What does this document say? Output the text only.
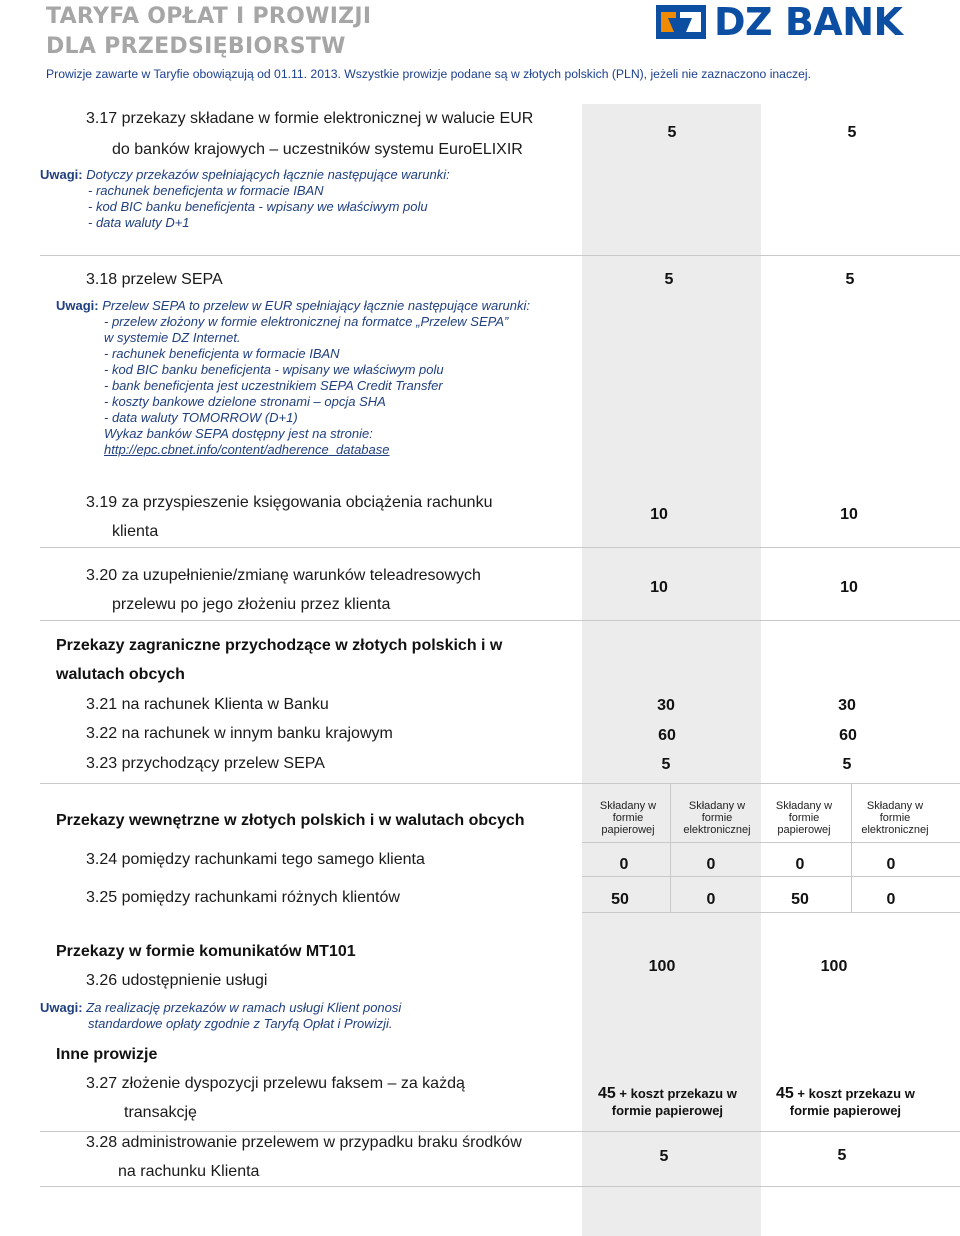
TARYFA OPŁAT I PROWIZJI
DLA PRZEDSIĘBIORSTW
Prowizje zawarte w Taryfie obowiązują od 01.11. 2013. Wszystkie prowizje podane są w złotych polskich (PLN), jeżeli nie zaznaczono inaczej.
DZ BANK
3.17 przekazy składane w formie elektronicznej w walucie EUR
do banków krajowych – uczestników systemu EuroELIXIR
5	5
Uwagi: Dotyczy przekazów spełniających łącznie następujące warunki:
- rachunek beneficjenta w formacie IBAN
- kod BIC banku beneficjenta - wpisany we właściwym polu
- data waluty D+1
3.18 przelew SEPA	5	5
Uwagi: Przelew SEPA to przelew w EUR spełniający łącznie następujące warunki:
- przelew złożony w formie elektronicznej na formatce „Przelew SEPA”
w systemie DZ Internet.
- rachunek beneficjenta w formacie IBAN
- kod BIC banku beneficjenta - wpisany we właściwym polu
- bank beneficjenta jest uczestnikiem SEPA Credit Transfer
- koszty bankowe dzielone stronami – opcja SHA
- data waluty TOMORROW (D+1)
Wykaz banków SEPA dostępny jest na stronie:
http://epc.cbnet.info/content/adherence_database
3.19 za przyspieszenie księgowania obciążenia rachunku
klienta
10	10
3.20 za uzupełnienie/zmianę warunków teleadresowych
przelewu po jego złożeniu przez klienta
10	10
Przekazy zagraniczne przychodzące w złotych polskich i w
walutach obcych
3.21 na rachunek Klienta w Banku	30	30
3.22 na rachunek w innym banku krajowym	60	60
3.23 przychodzący przelew SEPA	5	5
Przekazy wewnętrzne w złotych polskich i w walutach obcych
Składany w
formie
papierowej
Składany w
formie
elektronicznej
Składany w
formie
papierowej
Składany w
formie
elektronicznej
3.24 pomiędzy rachunkami tego samego klienta	0	0	0	0
3.25 pomiędzy rachunkami różnych klientów	50	0	50	0
Przekazy w formie komunikatów MT101
3.26 udostępnienie usługi
100	100
Uwagi: Za realizację przekazów w ramach usługi Klient ponosi
standardowe opłaty zgodnie z Taryfą Opłat i Prowizji.
Inne prowizje
3.27 złożenie dyspozycji przelewu faksem – za każdą
transakcję
45 + koszt przekazu w
formie papierowej
45 + koszt przekazu w
formie papierowej
3.28 administrowanie przelewem w przypadku braku środków
na rachunku Klienta
5	5
